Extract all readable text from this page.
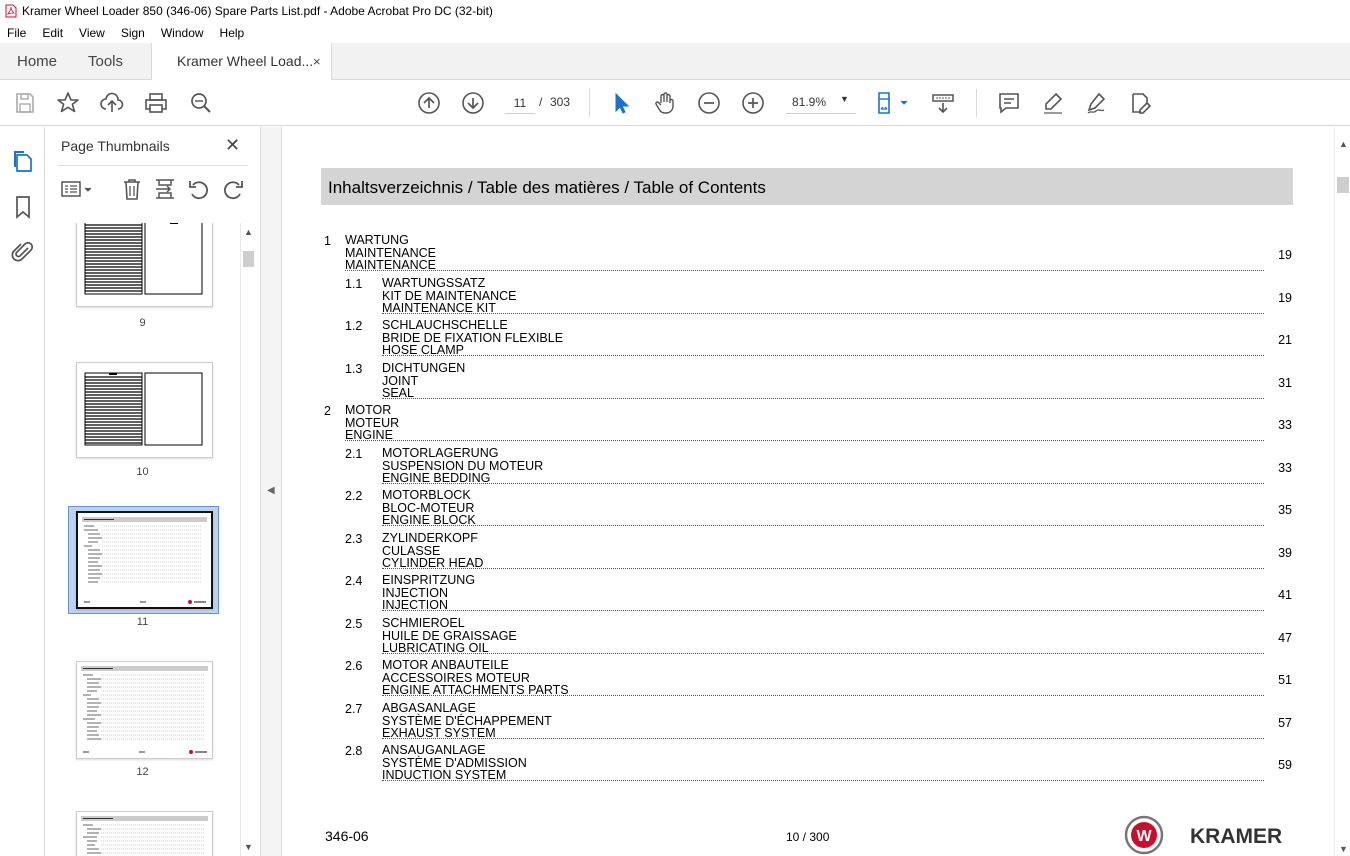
Kramer Wheel Loader 850 (346-06) Spare Parts List.pdf - Adobe Acrobat Pro DC (32-bit)
File	Edit	View	Sign	Window	Help
Home Tools	Kramer Wheel Load... ×
11
/ 303	81.9% ▼
Page Thumbnails	✕
9
10
11
12
▲
▼
◀
Inhaltsverzeichnis / Table des matières / Table of Contents
1 WARTUNG
MAINTENANCE
MAINTENANCE
19
1.1 WARTUNGSSATZ
KIT DE MAINTENANCE
MAINTENANCE KIT
19
1.2 SCHLAUCHSCHELLE
BRIDE DE FIXATION FLEXIBLE
HOSE CLAMP
21
1.3 DICHTUNGEN
JOINT
SEAL
31
2 MOTOR
MOTEUR
ENGINE
33
2.1 MOTORLAGERUNG
SUSPENSION DU MOTEUR
ENGINE BEDDING
33
2.2 MOTORBLOCK
BLOC-MOTEUR
ENGINE BLOCK
35
2.3 ZYLINDERKOPF
CULASSE
CYLINDER HEAD
39
2.4 EINSPRITZUNG
INJECTION
INJECTION
41
2.5 SCHMIEROEL
HUILE DE GRAISSAGE
LUBRICATING OIL
47
2.6 MOTOR ANBAUTEILE
ACCESSOIRES MOTEUR
ENGINE ATTACHMENTS PARTS
51
2.7 ABGASANLAGE
SYSTÈME D'ÉCHAPPEMENT
EXHAUST SYSTEM
57
2.8 ANSAUGANLAGE
SYSTÈME D'ADMISSION
INDUCTION SYSTEM
59
346-06	10 / 300	W KRAMER
▲
▼
